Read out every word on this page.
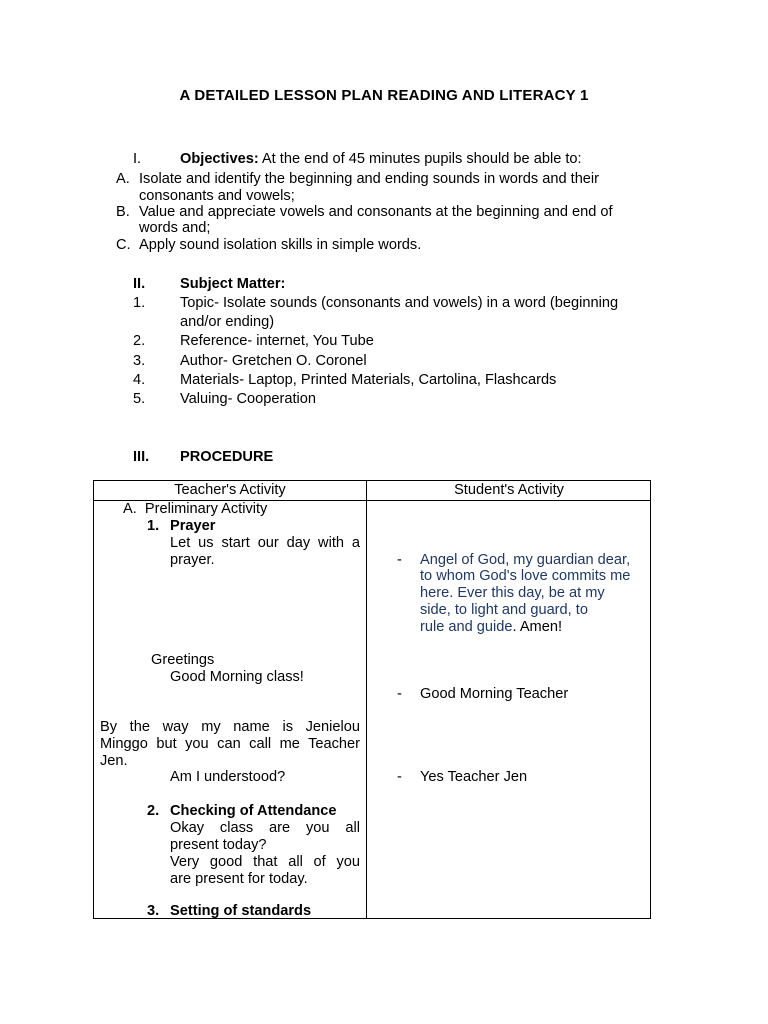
A DETAILED LESSON PLAN READING AND LITERACY 1
I.	Objectives: At the end of 45 minutes pupils should be able to:
A. Isolate and identify the beginning and ending sounds in words and their
consonants and vowels;
B. Value and appreciate vowels and consonants at the beginning and end of
words and;
C. Apply sound isolation skills in simple words.
II. Subject Matter:
1. Topic- Isolate sounds (consonants and vowels) in a word (beginning
and/or ending)
2. Reference- internet, You Tube
3. Author- Gretchen O. Coronel
4. Materials- Laptop, Printed Materials, Cartolina, Flashcards
5. Valuing- Cooperation
III. PROCEDURE
Teacher's Activity	Student's Activity
A.  Preliminary Activity
1. Prayer
Let us start our day with a
prayer.
Greetings
Good Morning class!
By the way my name is Jenielou
Minggo but you can call me Teacher
Jen.
Am I understood?
2. Checking of Attendance
Okay class are you all
present today?
Very good that all of you
are present for today.
3. Setting of standards
- Angel of God, my guardian dear,
to whom God's love commits me
here. Ever this day, be at my
side, to light and guard, to
rule and guide. Amen!
- Good Morning Teacher
- Yes Teacher Jen
